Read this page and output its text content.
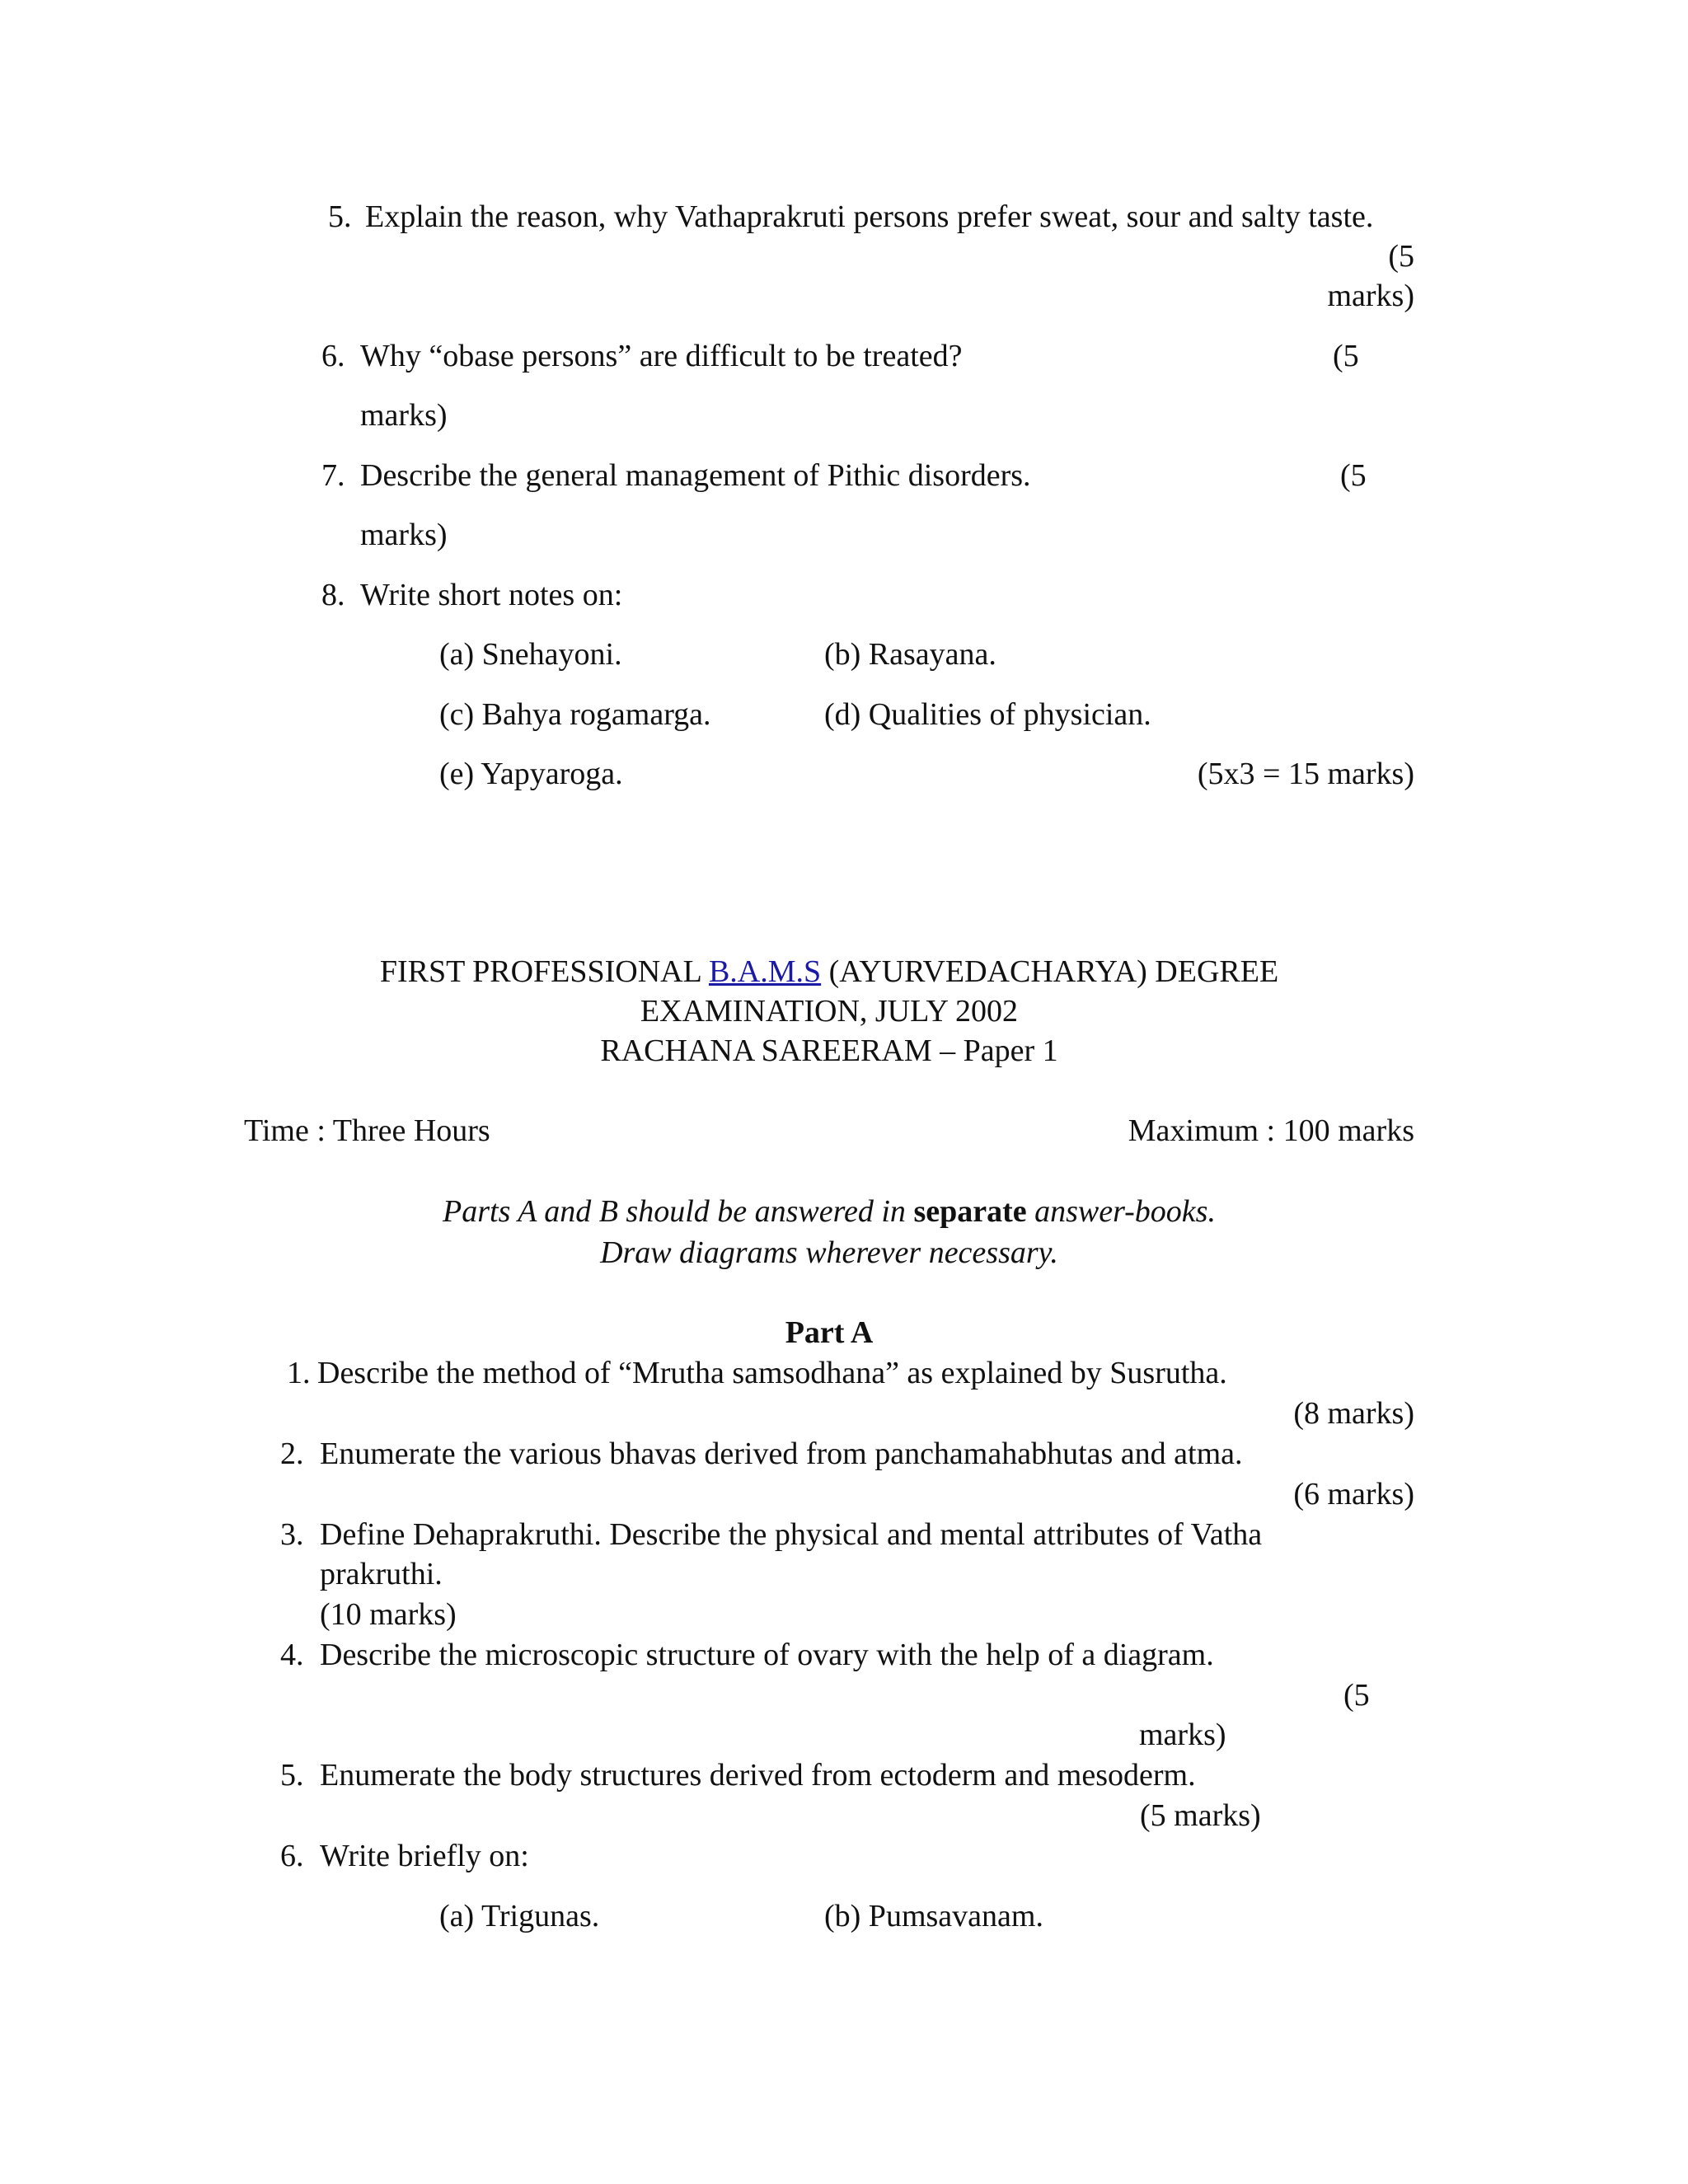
5. Explain the reason, why Vathaprakruti persons prefer sweat, sour and salty taste.
(5
marks)
6. Why “obase persons” are difficult to be treated?	(5
marks)
7. Describe the general management of Pithic disorders.	(5
marks)
8. Write short notes on:
(a) Snehayoni.	(b) Rasayana.
(c) Bahya rogamarga.	(d) Qualities of physician.
(e) Yapyaroga.	(5x3 = 15 marks)
FIRST PROFESSIONAL B.A.M.S (AYURVEDACHARYA) DEGREE
EXAMINATION, JULY 2002
RACHANA SAREERAM – Paper 1
Time : Three Hours	Maximum : 100 marks
Parts A and B should be answered in separate answer-books.
Draw diagrams wherever necessary.
Part A
1. Describe the method of “Mrutha samsodhana” as explained by Susrutha.
(8 marks)
2. Enumerate the various bhavas derived from panchamahabhutas and atma.
(6 marks)
3. Define Dehaprakruthi. Describe the physical and mental attributes of Vatha
prakruthi.
(10 marks)
4. Describe the microscopic structure of ovary with the help of a diagram.
(5
marks)
5. Enumerate the body structures derived from ectoderm and mesoderm.
(5 marks)
6. Write briefly on:
(a) Trigunas.	(b) Pumsavanam.
